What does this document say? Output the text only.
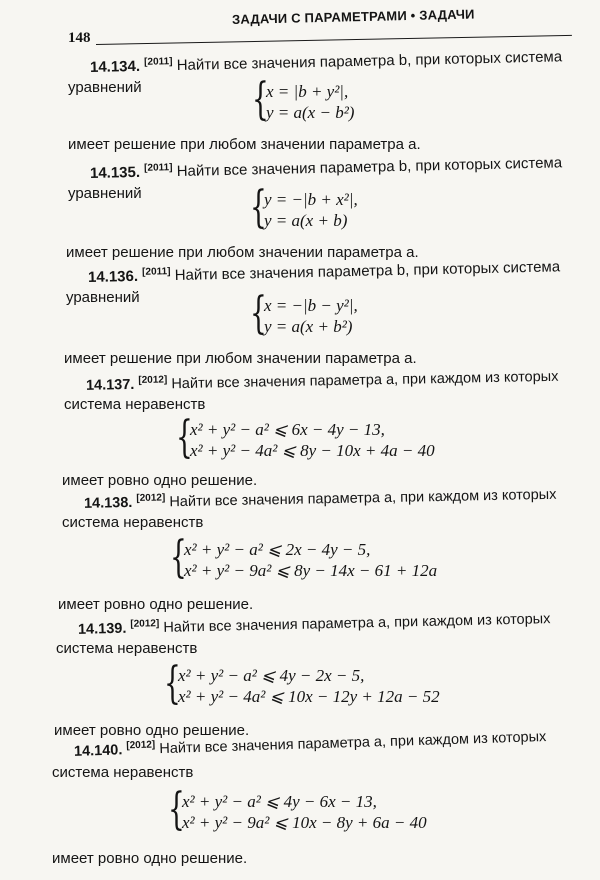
148
ЗАДАЧИ С ПАРАМЕТРАМИ • ЗАДАЧИ
14.134. [2011] Найти все значения параметра b, при которых система
уравнений	{
x = |b + y²|,
y = a(x − b²)
имеет решение при любом значении параметра a.
14.135. [2011] Найти все значения параметра b, при которых система
уравнений {
y = −|b + x²|,
y = a(x + b)
имеет решение при любом значении параметра a.
14.136. [2011] Найти все значения параметра b, при которых система
уравнений	{
x = −|b − y²|,
y = a(x + b²)
имеет решение при любом значении параметра a.
14.137. [2012] Найти все значения параметра a, при каждом из которых
система неравенств
{
x² + y² − a² ⩽ 6x − 4y − 13,
x² + y² − 4a² ⩽ 8y − 10x + 4a − 40
имеет ровно одно решение.
14.138. [2012] Найти все значения параметра a, при каждом из которых
система неравенств
{
x² + y² − a² ⩽ 2x − 4y − 5,
x² + y² − 9a² ⩽ 8y − 14x − 61 + 12a
имеет ровно одно решение.
14.139. [2012] Найти все значения параметра a, при каждом из которых
система неравенств
{
x² + y² − a² ⩽ 4y − 2x − 5,
x² + y² − 4a² ⩽ 10x − 12y + 12a − 52
имеет ровно одно решение.
14.140. [2012] Найти все значения параметра a, при каждом из которых
система неравенств
{
x² + y² − a² ⩽ 4y − 6x − 13,
x² + y² − 9a² ⩽ 10x − 8y + 6a − 40
имеет ровно одно решение.
